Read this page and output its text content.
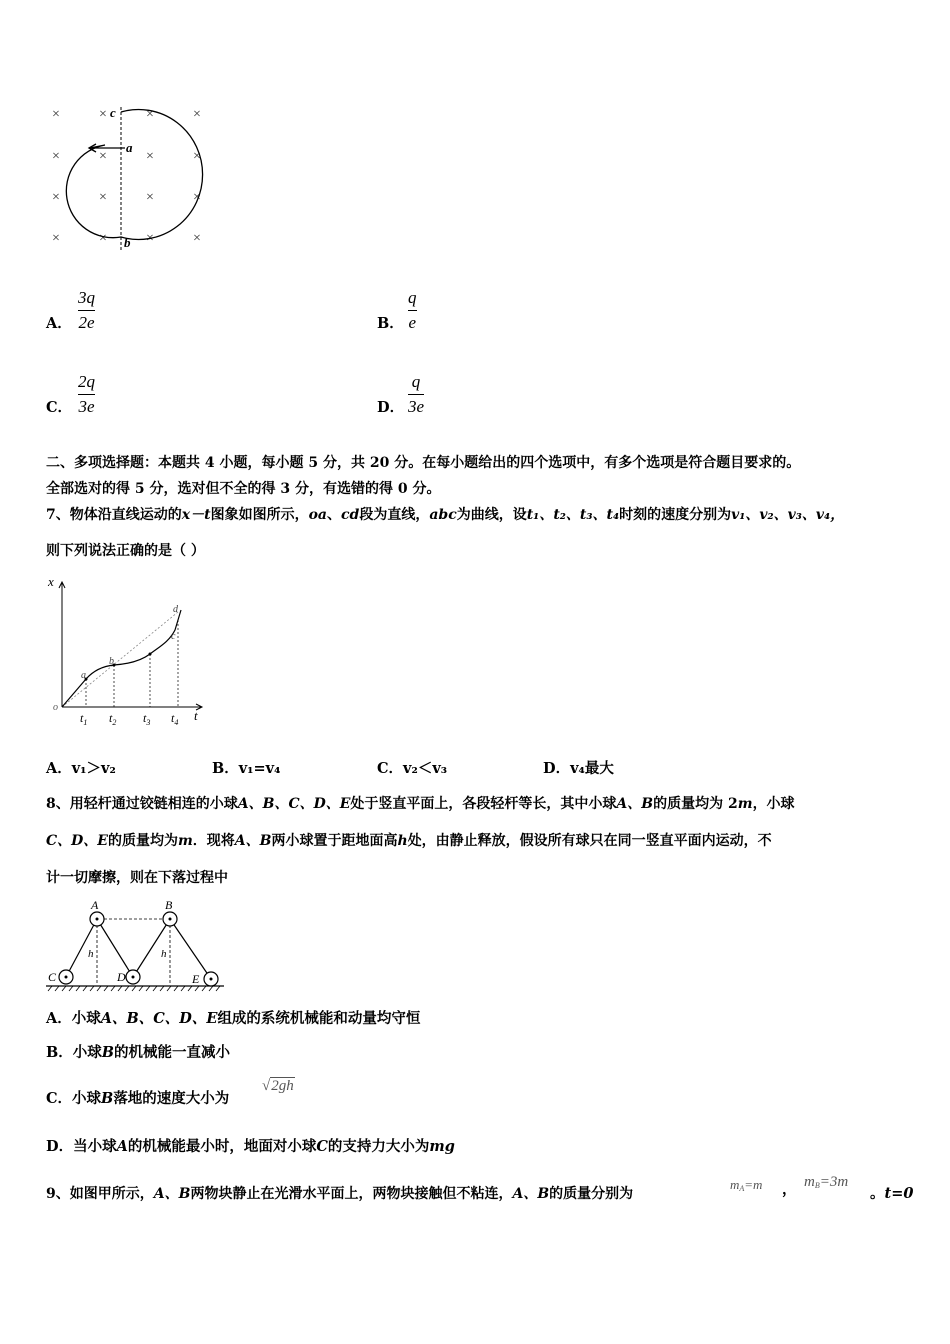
×	×	×	×
×	×	×	×
×	×	×	×
×	×	×	×
c
a
b
A．
3q
2e	B．
q
e
C．
2q
3e	D．
q
3e
二、多项选择题：本题共 4 小题，每小题 5 分，共 20 分。在每小题给出的四个选项中，有多个选项是符合题目要求的。
全部选对的得 5 分，选对但不全的得 3 分，有选错的得 0 分。
7、物体沿直线运动的x－t图象如图所示，oa、cd段为直线，abc为曲线，设t₁、t₂、t₃、t₄时刻的速度分别为v₁、v₂、v₃、v₄，
则下列说法正确的是（ ）
x
t
o
a
b
c
d
$t_1$ $t_2$ $t_3$ $t_4$
A．v₁＞v₂	B．v₁=v₄	C．v₂＜v₃	D．v₄最大
8、用轻杆通过铰链相连的小球A、B、C、D、E处于竖直平面上，各段轻杆等长，其中小球A、B的质量均为 2m，小球
C、D、E的质量均为m．现将A、B两小球置于距地面高h处，由静止释放，假设所有球只在同一竖直平面内运动，不
计一切摩擦，则在下落过程中
A	B
C	D	E
h	h
A．小球A、B、C、D、E组成的系统机械能和动量均守恒
B．小球B的机械能一直减小
C．小球B落地的速度大小为
√2gh
D．当小球A的机械能最小时，地面对小球C的支持力大小为mg
9、如图甲所示，A、B两物块静止在光滑水平面上，两物块接触但不粘连，A、B的质量分别为
$m_A=m$ ， $m_B=3m$
。t=0
